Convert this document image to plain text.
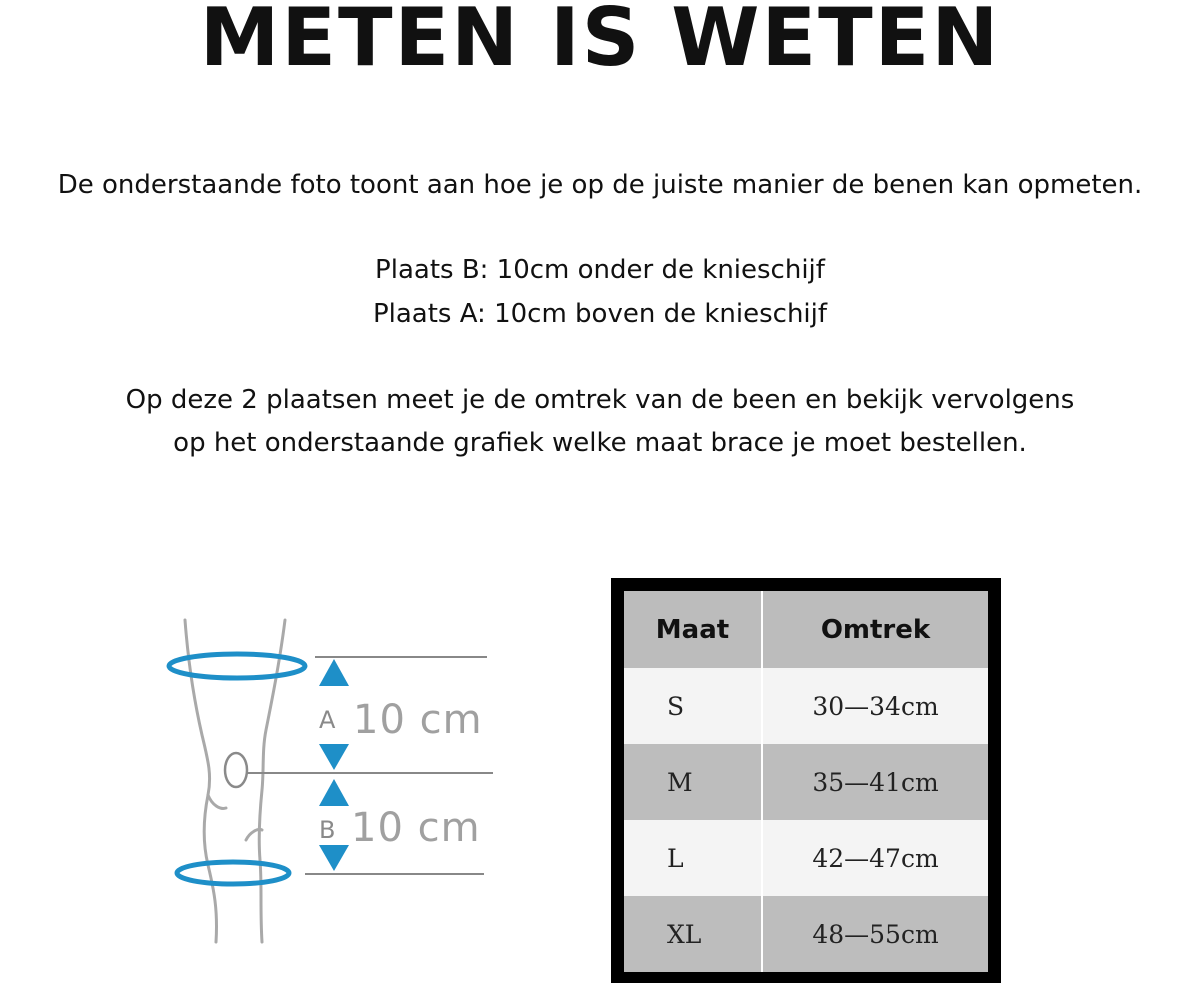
METEN IS WETEN

De onderstaande foto toont aan hoe je op de juiste manier de benen kan opmeten.

Plaats B: 10cm onder de knieschijf

Plaats A: 10cm boven de knieschijf

Op deze 2 plaatsen meet je de omtrek van de been en bekijk vervolgens

op het onderstaande grafiek welke maat brace je moet bestellen.

A 10 cm
B 10 cm
Maat	Omtrek
S	30—34cm
M	35—41cm
L	42—47cm
XL	48—55cm
